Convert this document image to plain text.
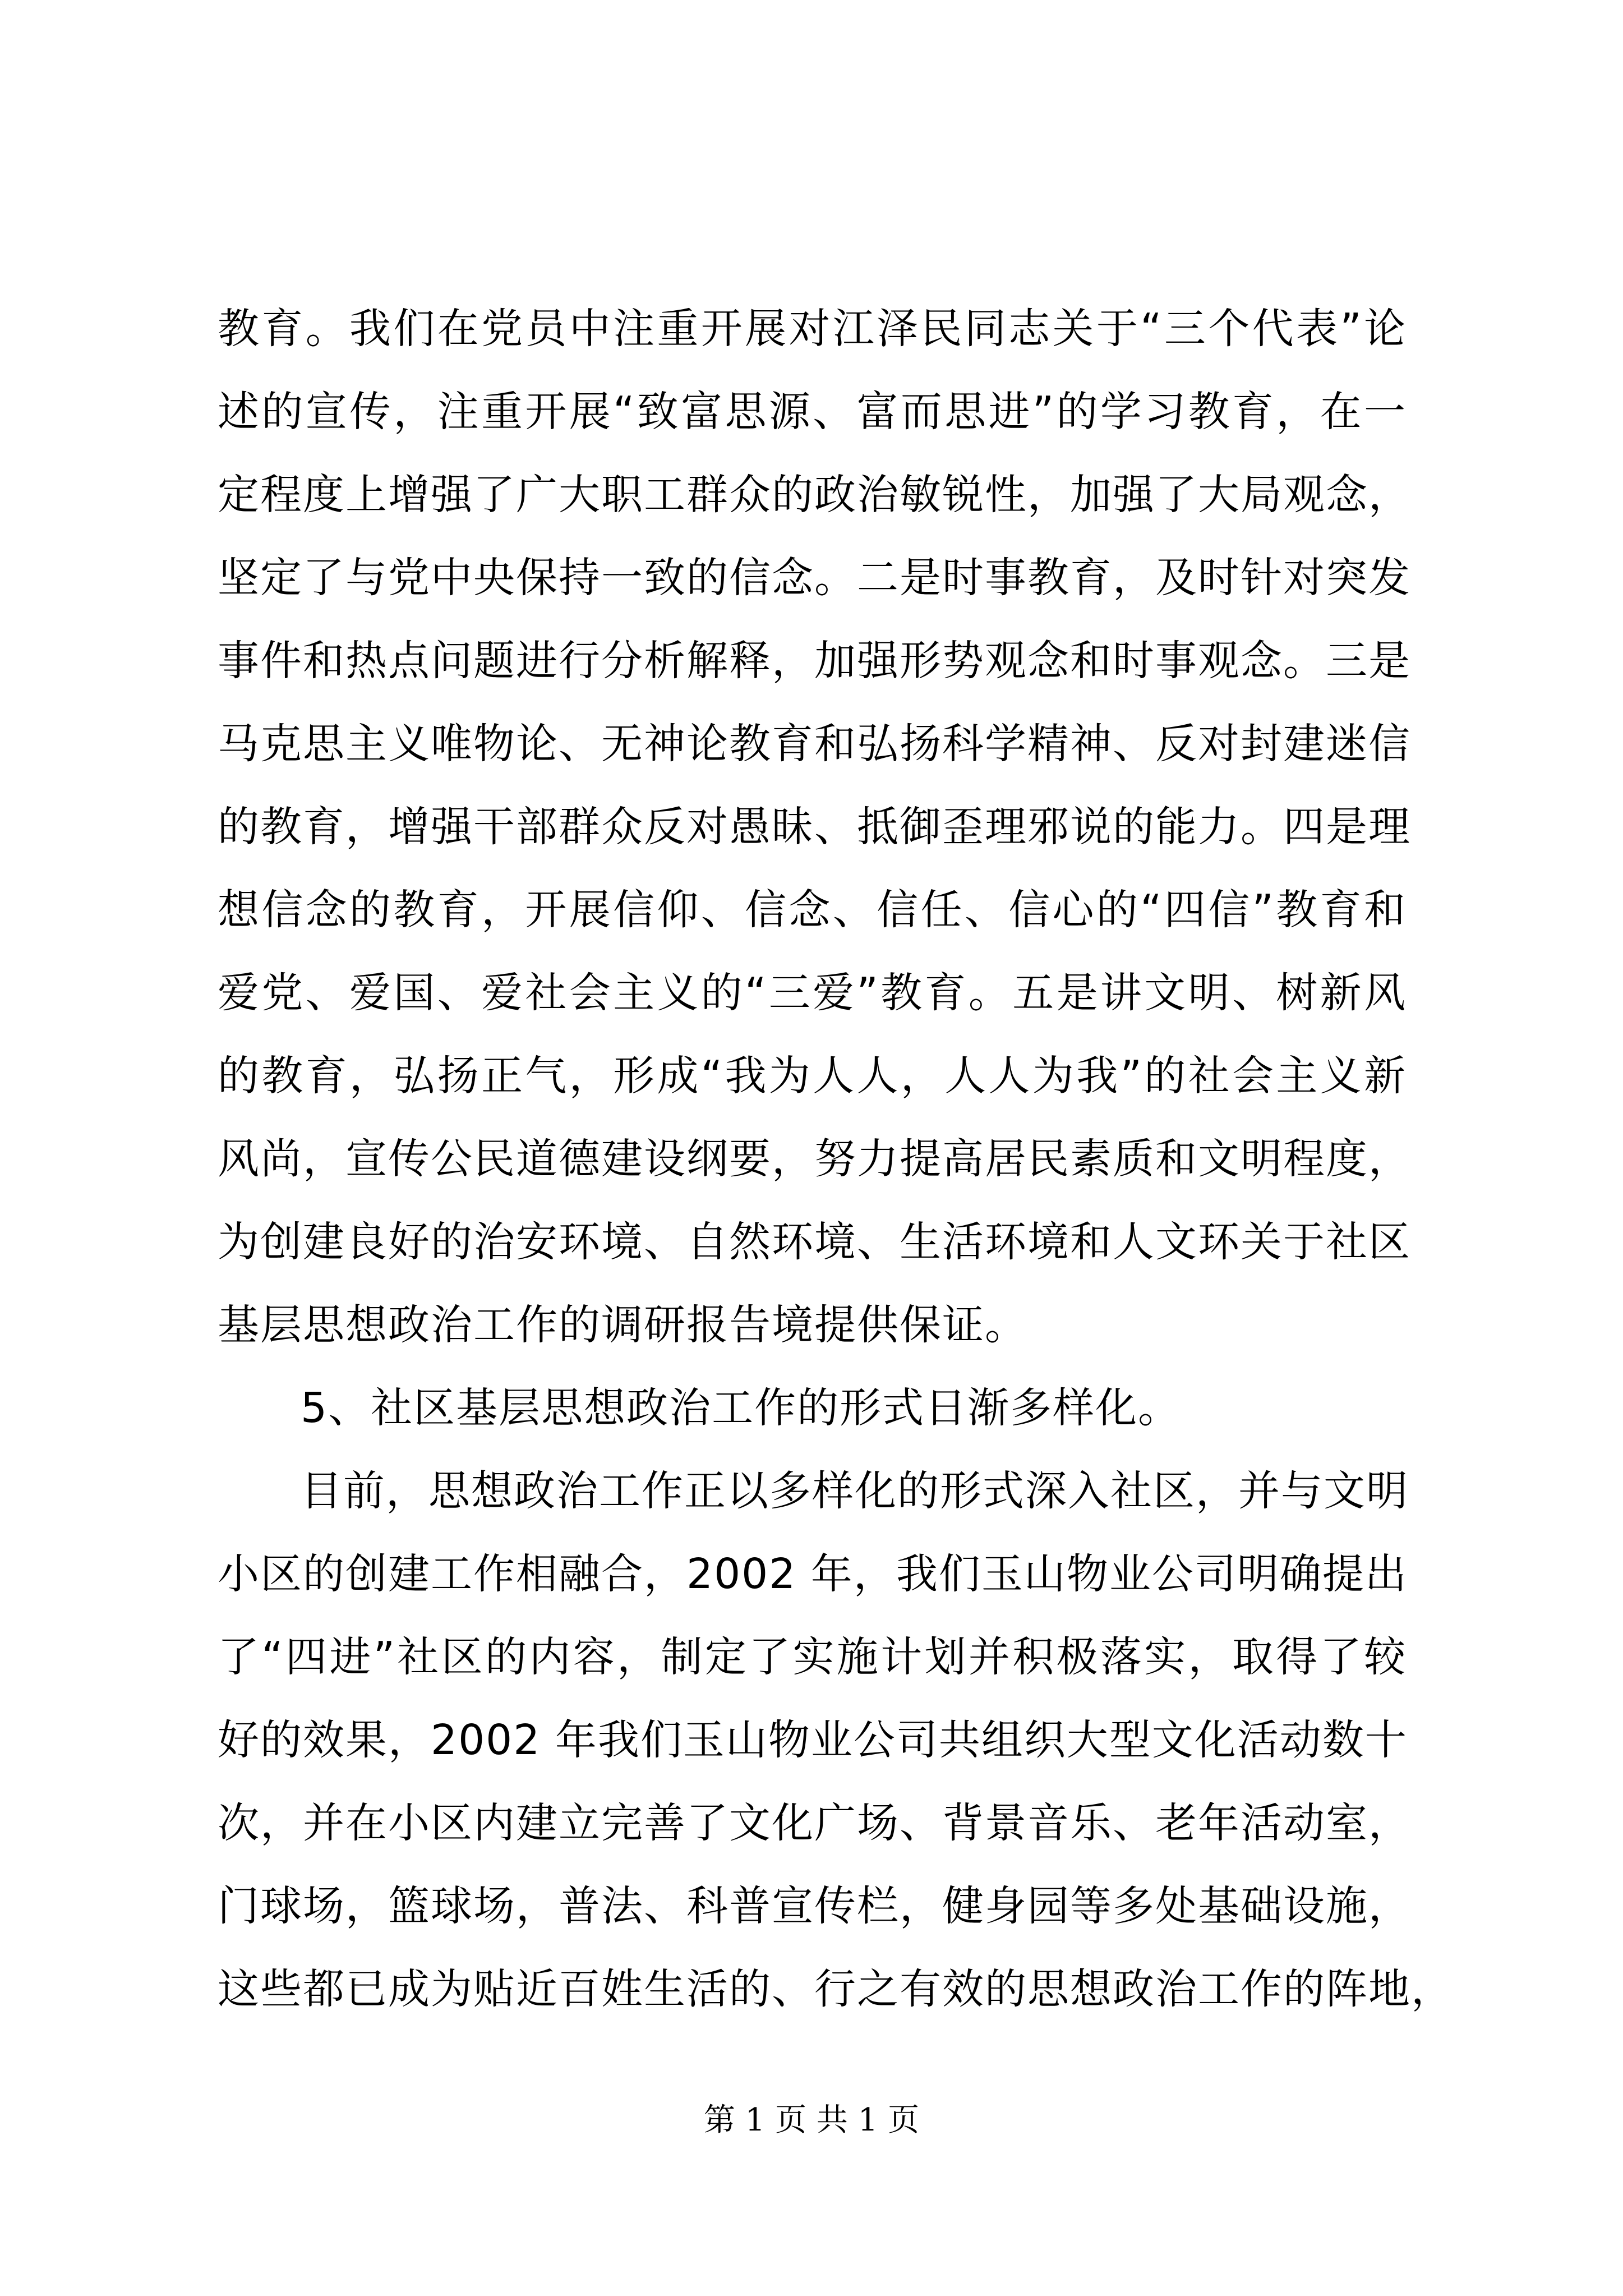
教育。我们在党员中注重开展对江泽民同志关于“三个代表”论
述的宣传，注重开展“致富思源、富而思进”的学习教育，在一
定程度上增强了广大职工群众的政治敏锐性，加强了大局观念，
坚定了与党中央保持一致的信念。二是时事教育，及时针对突发
事件和热点问题进行分析解释，加强形势观念和时事观念。三是
马克思主义唯物论、无神论教育和弘扬科学精神、反对封建迷信
的教育，增强干部群众反对愚昧、抵御歪理邪说的能力。四是理
想信念的教育，开展信仰、信念、信任、信心的“四信”教育和
爱党、爱国、爱社会主义的“三爱”教育。五是讲文明、树新风
的教育，弘扬正气，形成“我为人人，人人为我”的社会主义新
风尚，宣传公民道德建设纲要，努力提高居民素质和文明程度，
为创建良好的治安环境、自然环境、生活环境和人文环关于社区
基层思想政治工作的调研报告境提供保证。
5、社区基层思想政治工作的形式日渐多样化。
目前，思想政治工作正以多样化的形式深入社区，并与文明
小区的创建工作相融合，2002 年，我们玉山物业公司明确提出
了“四进”社区的内容，制定了实施计划并积极落实，取得了较
好的效果，2002 年我们玉山物业公司共组织大型文化活动数十
次，并在小区内建立完善了文化广场、背景音乐、老年活动室，
门球场，篮球场，普法、科普宣传栏，健身园等多处基础设施，
这些都已成为贴近百姓生活的、行之有效的思想政治工作的阵地，
第 1 页 共 1 页
